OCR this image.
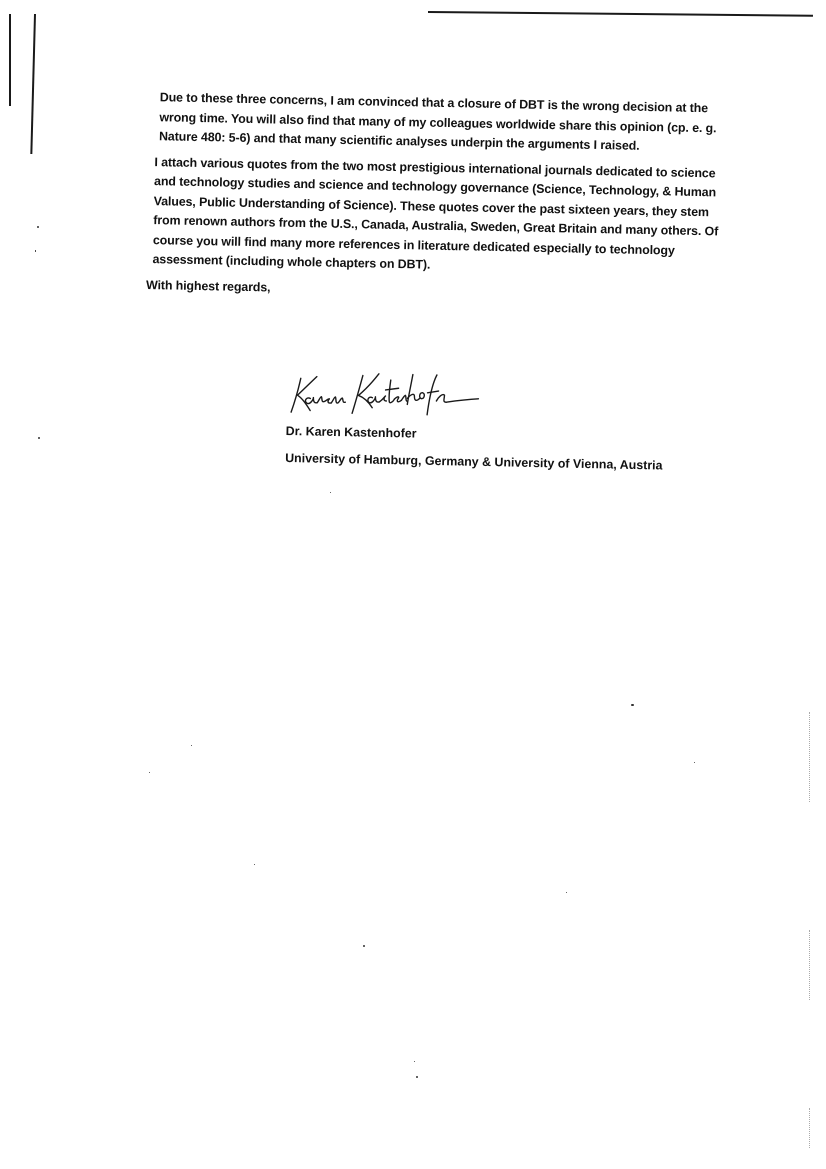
Due to these three concerns, I am convinced that a closure of DBT is the wrong decision at the wrong time. You will also find that many of my colleagues worldwide share this opinion (cp. e. g. Nature 480: 5-6) and that many scientific analyses underpin the arguments I raised.

I attach various quotes from the two most prestigious international journals dedicated to science and technology studies and science and technology governance (Science, Technology, & Human Values, Public Understanding of Science). These quotes cover the past sixteen years, they stem from renown authors from the U.S., Canada, Australia, Sweden, Great Britain and many others. Of course you will find many more references in literature dedicated especially to technology assessment (including whole chapters on DBT).

With highest regards,

Dr. Karen Kastenhofer

University of Hamburg, Germany & University of Vienna, Austria
